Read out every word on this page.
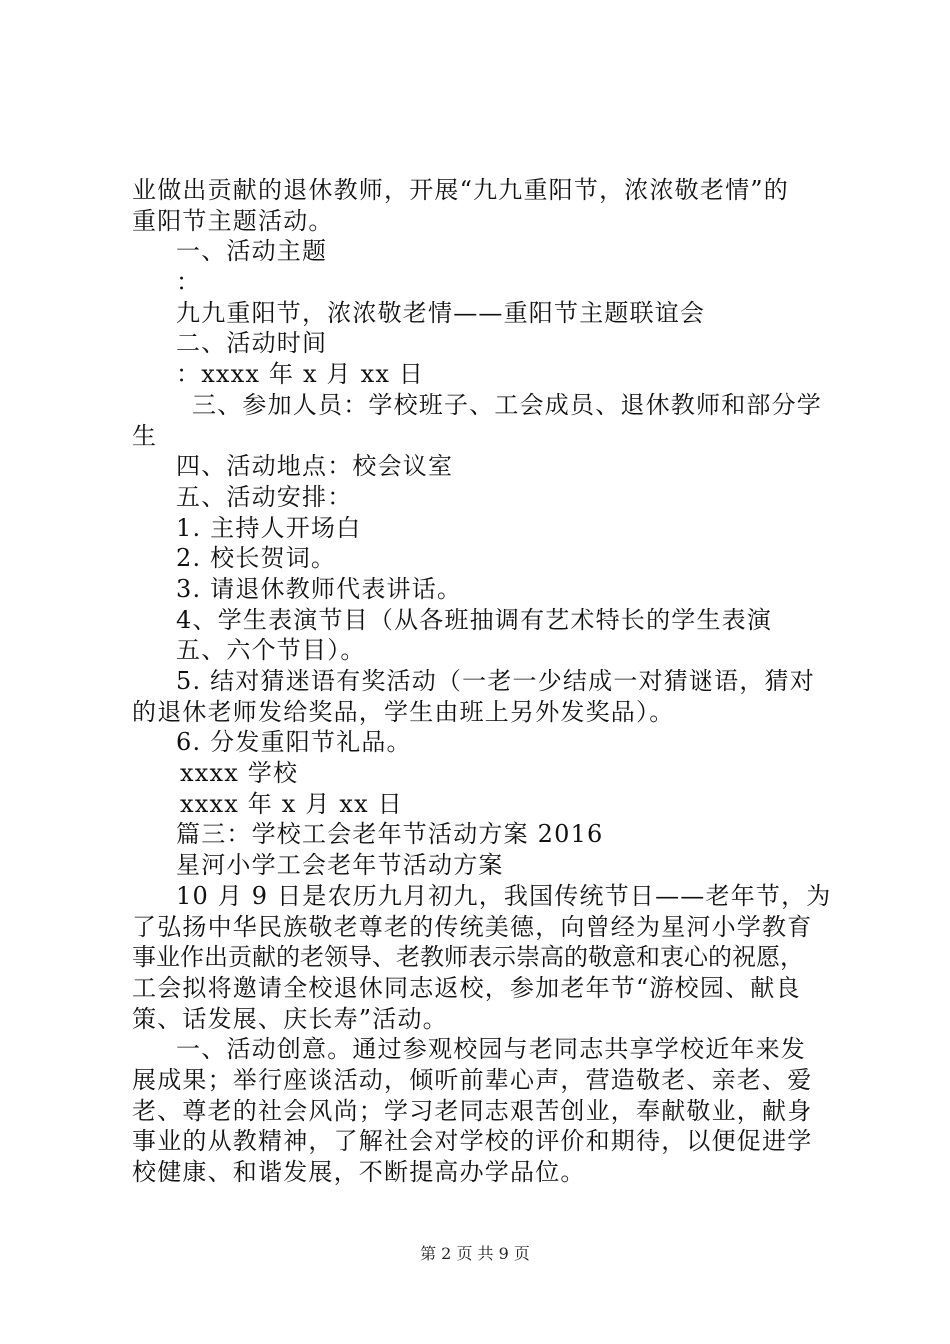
业做出贡献的退休教师，开展“九九重阳节，浓浓敬老情”的
重阳节主题活动。
一、活动主题
：
九九重阳节，浓浓敬老情——重阳节主题联谊会
二、活动时间
：xxxx 年 x 月 xx 日
三、参加人员：学校班子、工会成员、退休教师和部分学
生
四、活动地点：校会议室
五、活动安排：
1. 主持人开场白
2. 校长贺词。
3. 请退休教师代表讲话。
4、学生表演节目（从各班抽调有艺术特长的学生表演
五、六个节目）。
5. 结对猜迷语有奖活动（一老一少结成一对猜谜语，猜对
的退休老师发给奖品，学生由班上另外发奖品）。
6. 分发重阳节礼品。
xxxx 学校
xxxx 年 x 月 xx 日
篇三：学校工会老年节活动方案 2016
星河小学工会老年节活动方案
10 月 9 日是农历九月初九，我国传统节日——老年节，为
了弘扬中华民族敬老尊老的传统美德，向曾经为星河小学教育
事业作出贡献的老领导、老教师表示崇高的敬意和衷心的祝愿，
工会拟将邀请全校退休同志返校，参加老年节“游校园、献良
策、话发展、庆长寿”活动。
一、活动创意。通过参观校园与老同志共享学校近年来发
展成果；举行座谈活动，倾听前辈心声，营造敬老、亲老、爱
老、尊老的社会风尚；学习老同志艰苦创业，奉献敬业，献身
事业的从教精神，了解社会对学校的评价和期待，以便促进学
校健康、和谐发展，不断提高办学品位。
第 2 页 共 9 页
